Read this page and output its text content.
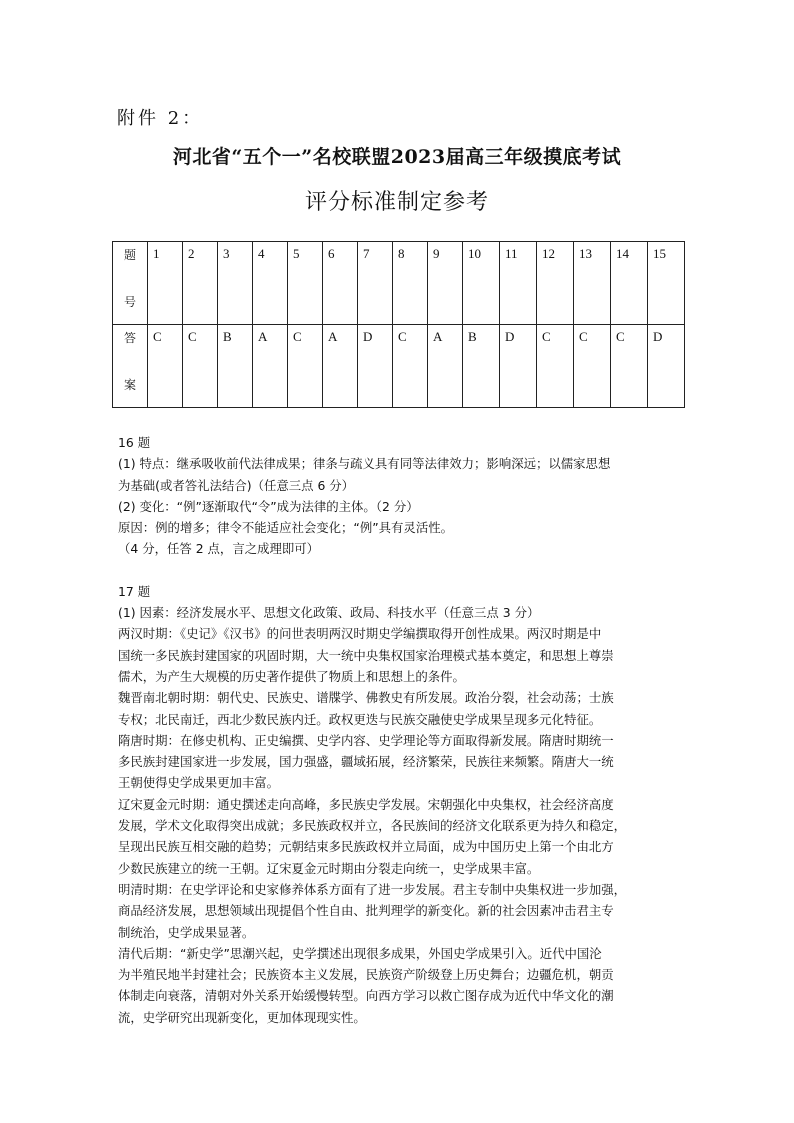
附件 2：
河北省“五个一”名校联盟2023届高三年级摸底考试
评分标准制定参考
题
号	1	2	3	4	5	6	7	8	9	10	11	12	13	14	15

答
案	C	C	B	A	C	A	D	C	A	B	D	C	C	C	D

16 题

(1) 特点：继承吸收前代法律成果；律条与疏义具有同等法律效力；影响深远；以儒家思想

为基础(或者答礼法结合)（任意三点 6 分）

(2) 变化：“例”逐渐取代“令”成为法律的主体。（2 分）

原因：例的增多；律令不能适应社会变化；“例”具有灵活性。

（4 分，任答 2 点，言之成理即可）

17 题

(1) 因素：经济发展水平、思想文化政策、政局、科技水平（任意三点 3 分）

两汉时期：《史记》《汉书》的问世表明两汉时期史学编撰取得开创性成果。两汉时期是中

国统一多民族封建国家的巩固时期，大一统中央集权国家治理模式基本奠定，和思想上尊崇

儒术，为产生大规模的历史著作提供了物质上和思想上的条件。

魏晋南北朝时期：朝代史、民族史、谱牒学、佛教史有所发展。政治分裂，社会动荡；士族

专权；北民南迁，西北少数民族内迁。政权更迭与民族交融使史学成果呈现多元化特征。

隋唐时期：在修史机构、正史编撰、史学内容、史学理论等方面取得新发展。隋唐时期统一

多民族封建国家进一步发展，国力强盛，疆域拓展，经济繁荣，民族往来频繁。隋唐大一统

王朝使得史学成果更加丰富。

辽宋夏金元时期：通史撰述走向高峰，多民族史学发展。宋朝强化中央集权，社会经济高度

发展，学术文化取得突出成就；多民族政权并立，各民族间的经济文化联系更为持久和稳定，

呈现出民族互相交融的趋势；元朝结束多民族政权并立局面，成为中国历史上第一个由北方

少数民族建立的统一王朝。辽宋夏金元时期由分裂走向统一，史学成果丰富。

明清时期：在史学评论和史家修养体系方面有了进一步发展。君主专制中央集权进一步加强，

商品经济发展，思想领域出现提倡个性自由、批判理学的新变化。新的社会因素冲击君主专

制统治，史学成果显著。

清代后期：“新史学”思潮兴起，史学撰述出现很多成果，外国史学成果引入。近代中国沦

为半殖民地半封建社会；民族资本主义发展，民族资产阶级登上历史舞台；边疆危机，朝贡

体制走向衰落，清朝对外关系开始缓慢转型。向西方学习以救亡图存成为近代中华文化的潮

流，史学研究出现新变化，更加体现现实性。
